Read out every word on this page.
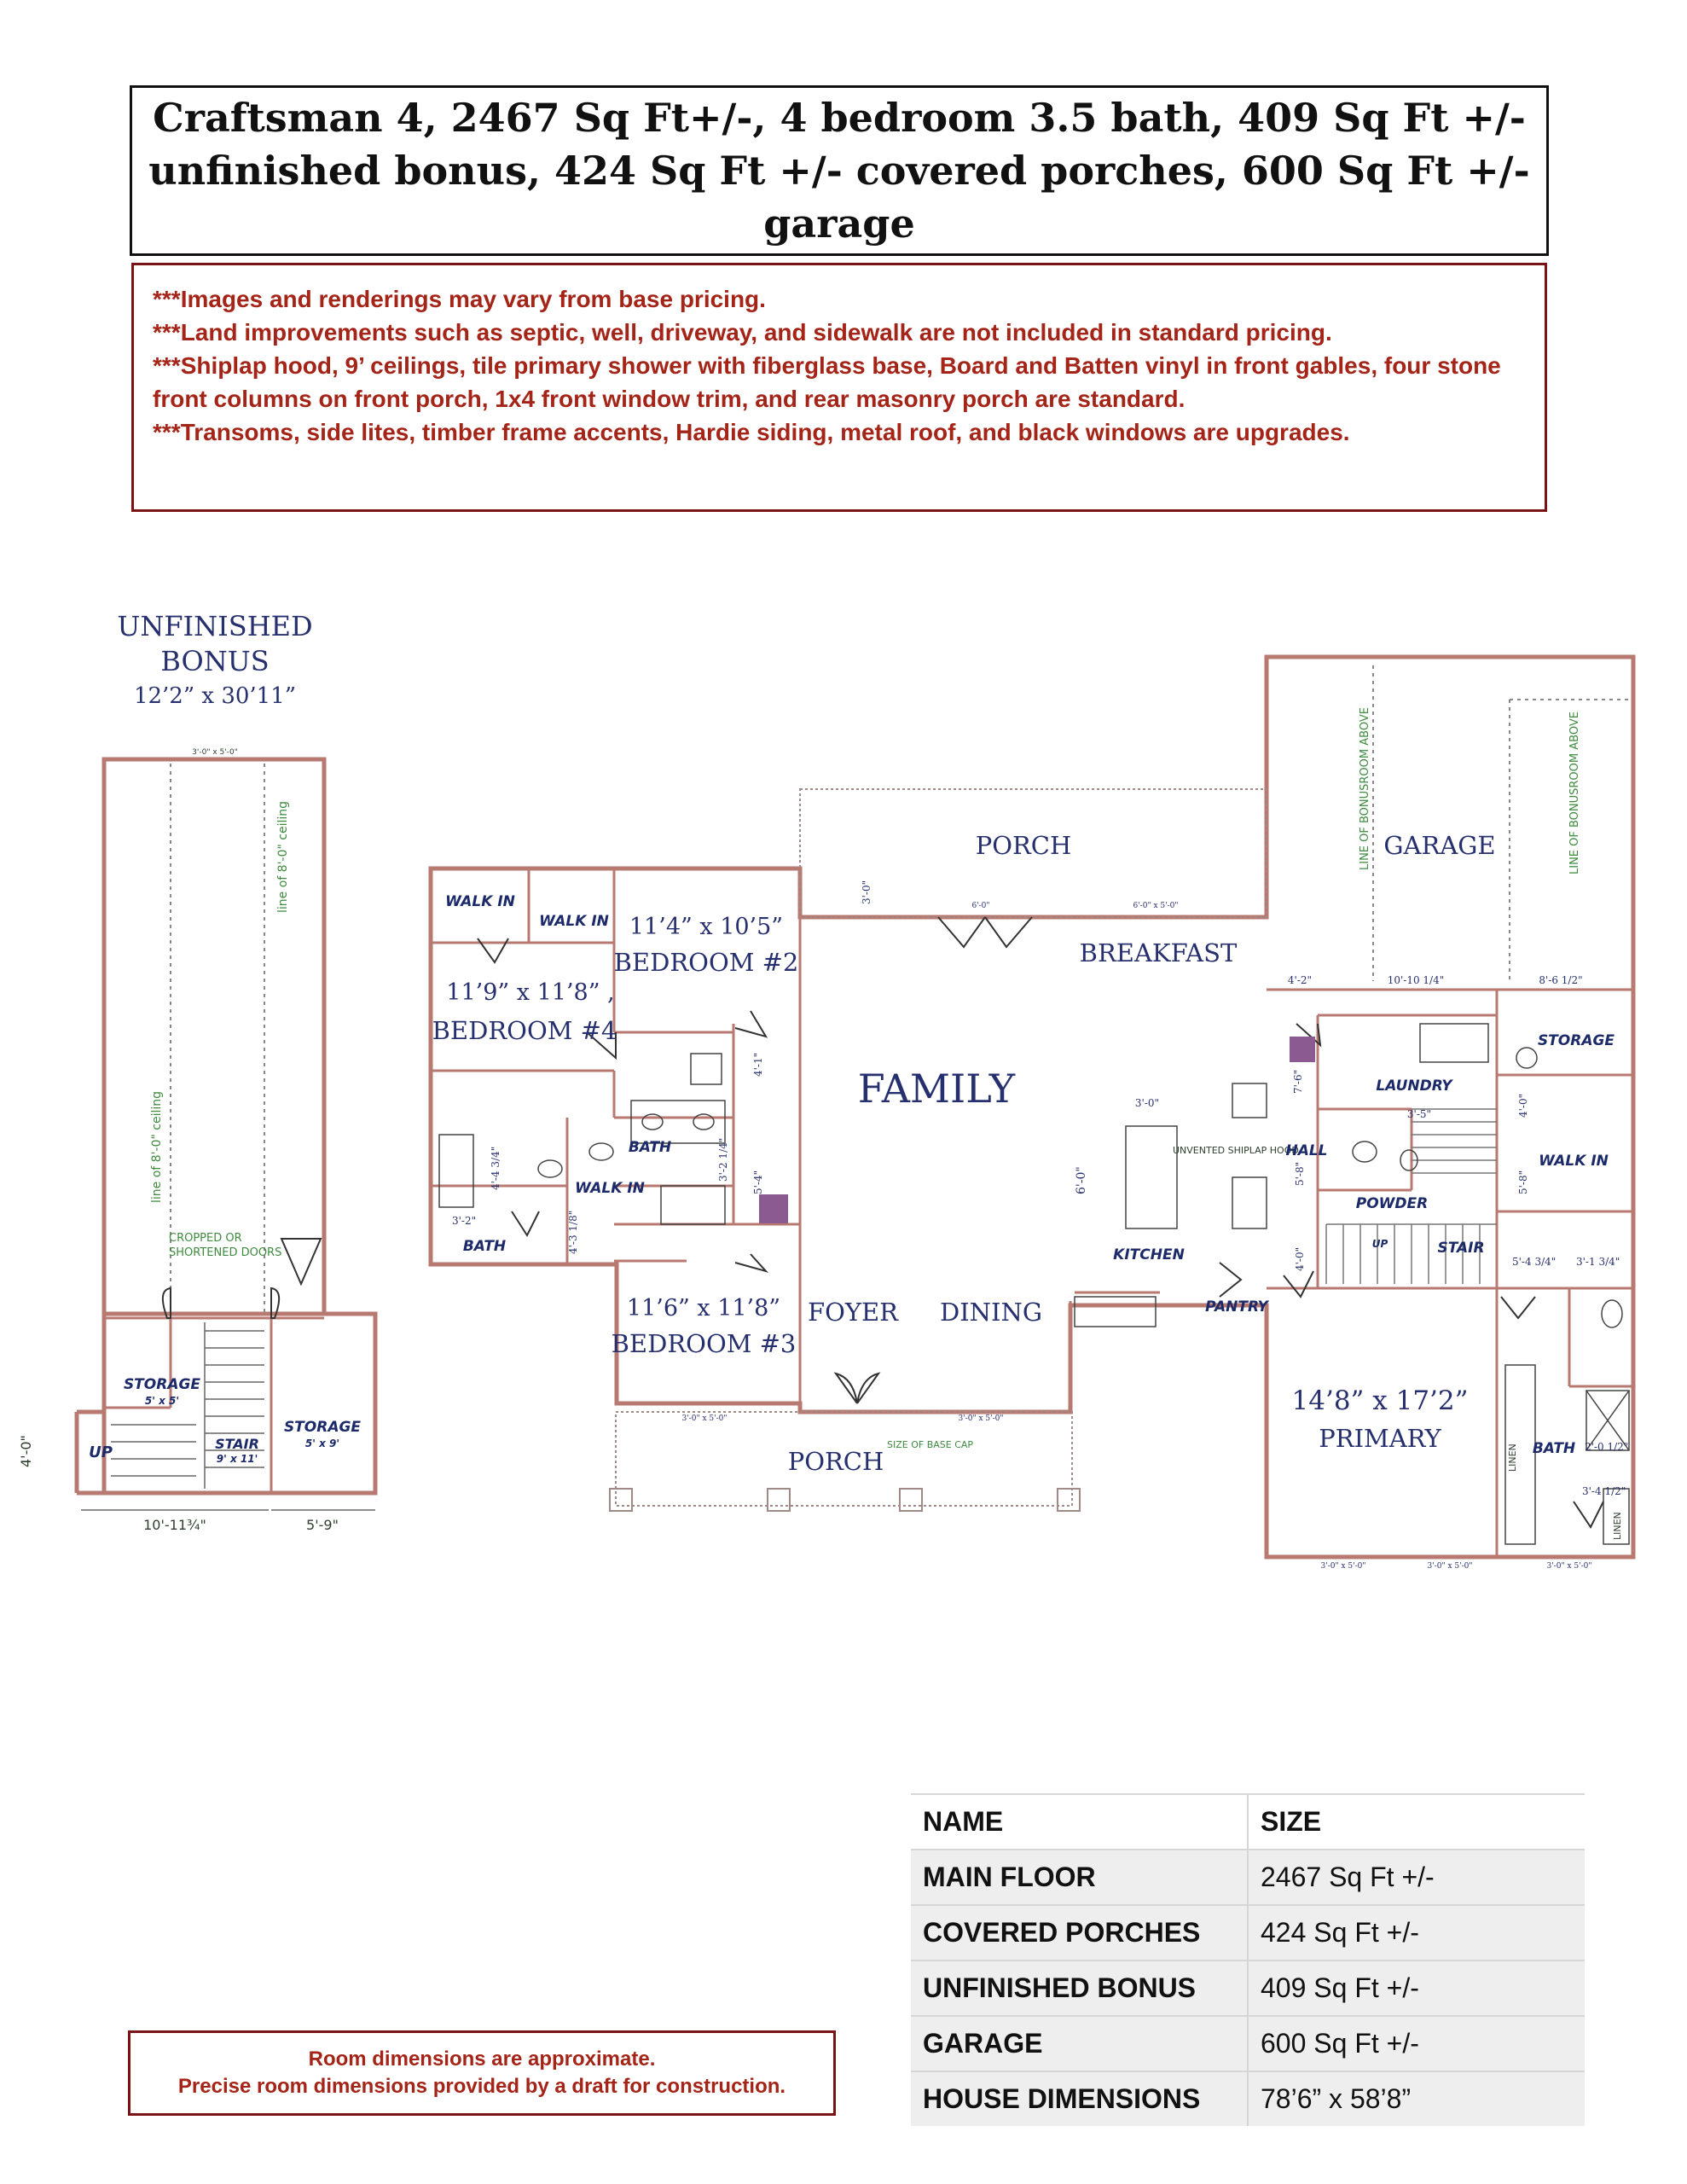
Craftsman 4, 2467 Sq Ft+/-, 4 bedroom 3.5 bath, 409 Sq Ft +/-
unfinished bonus, 424 Sq Ft +/- covered porches, 600 Sq Ft +/- garage
***Images and renderings may vary from base pricing.
***Land improvements such as septic, well, driveway, and sidewalk are not included in standard pricing.
***Shiplap hood, 9’ ceilings, tile primary shower with fiberglass base, Board and Batten vinyl in front gables, four stone front columns on front porch, 1x4 front window trim, and rear masonry porch are standard.
***Transoms, side lites, timber frame accents, Hardie siding, metal roof, and black windows are upgrades.
UNFINISHED
BONUS
12’2” x 30’11”
3'-0" x 5'-0"
line of 8'-0" ceiling
line of 8'-0" ceiling
CROPPED OR
SHORTENED DOORS
STORAGE
5' x 5'
STORAGE
5' x 9'
STAIR
9' x 11'
UP
10'-11¾"	5'-9"
4'-0"
PORCH	GARAGE
LINE OF BONUSROOM ABOVE	LINE OF BONUSROOM ABOVE
BREAKFAST
FAMILY
WALK IN
WALK IN 11’4” x 10’5”
BEDROOM #2
11’9” x 11’8” ,
BEDROOM #4
BATH
WALK IN
BATH
11’6” x 11’8”
BEDROOM #3
FOYER DINING
PORCH
SIZE OF BASE CAP
KITCHEN
PANTRY
UNVENTED SHIPLAP HOOD
STORAGE
LAUNDRY
HALL
POWDER
WALK IN
STAIR
UP
14’8” x 17’2”
PRIMARY	BATH
LINEN
LINEN
4'-2"	10'-10 1/4"	8'-6 1/2"
3'-0"
3'-5"
3'-1 3/4"
5'-4 3/4"
3'-2"
2'-0 1/2"
3'-4 1/2"
6'-0"	6'-0" x 5'-0"
3'-0" x 5'-0"	3'-0" x 5'-0"
3'-0" x 5'-0"	3'-0" x 5'-0"	3'-0" x 5'-0"
3'-0"
6'-0"
7'-6"
5'-8"
4'-0"
4'-0"
5'-8"
4'-4 3/4"
4'-3 1/8"
4'-1"
3'-2 1/4"
5'-4"
NAME	SIZE
MAIN FLOOR	2467 Sq Ft +/-
COVERED PORCHES	424 Sq Ft +/-
UNFINISHED BONUS	409 Sq Ft +/-
GARAGE	600 Sq Ft +/-
HOUSE DIMENSIONS	78’6” x 58’8”
Room dimensions are approximate.
Precise room dimensions provided by a draft for construction.
